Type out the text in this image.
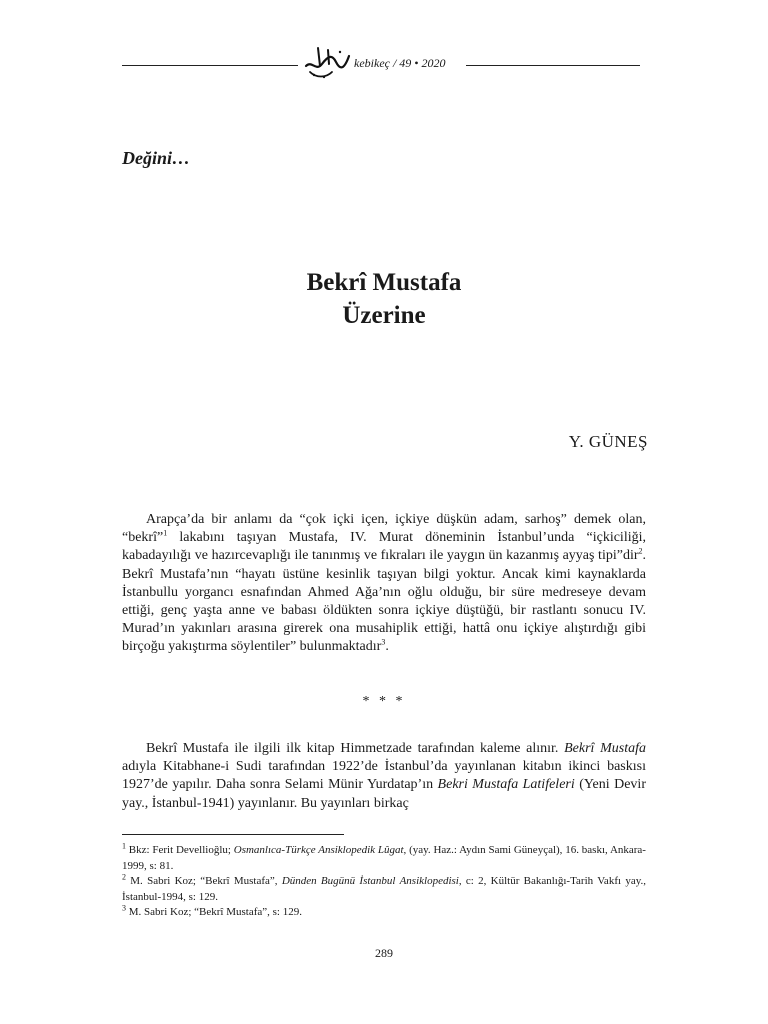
kebikeç / 49 • 2020
Değini…
Bekrî Mustafa
Üzerine
Y. GÜNEŞ

Arapça’da bir anlamı da “çok içki içen, içkiye düşkün adam, sarhoş” demek olan, “bekrî”$^1$ lakabını taşıyan Mustafa, IV. Murat döneminin İstanbul’unda “içkiciliği, kabadayılığı ve hazırcevaplığı ile tanınmış ve fıkraları ile yaygın ün kazanmış ayyaş tipi”dir$^2$. Bekrî Mustafa’nın “hayatı üstüne kesinlik taşıyan bilgi yoktur. Ancak kimi kaynaklarda İstanbullu yorgancı esnafından Ahmed Ağa’nın oğlu olduğu, bir süre medreseye devam ettiği, genç yaşta anne ve babası öldükten sonra içkiye düştüğü, bir rastlantı sonucu IV. Murad’ın yakınları arasına girerek ona musahiplik ettiği, hattâ onu içkiye alıştırdığı gibi birçoğu yakıştırma söylentiler” bulunmaktadır$^3$.

* * *

Bekrî Mustafa ile ilgili ilk kitap Himmetzade tarafından kaleme alınır. Bekrî Mustafa adıyla Kitabhane-i Sudi tarafından 1922’de İstanbul’da yayınlanan kitabın ikinci baskısı 1927’de yapılır. Daha sonra Selami Münir Yurdatap’ın Bekri Mustafa Latifeleri (Yeni Devir yay., İstanbul-1941) yayınlanır. Bu yayınları birkaç

$^1$ Bkz: Ferit Devellioğlu; Osmanlıca-Türkçe Ansiklopedik Lûgat, (yay. Haz.: Aydın Sami Güneyçal), 16. baskı, Ankara-1999, s: 81.

$^2$ M. Sabri Koz; “Bekrî Mustafa”, Dünden Bugünü İstanbul Ansiklopedisi, c: 2, Kültür Bakanlığı-Tarih Vakfı yay., İstanbul-1994, s: 129.

$^3$ M. Sabri Koz; “Bekrî Mustafa”, s: 129.

289
